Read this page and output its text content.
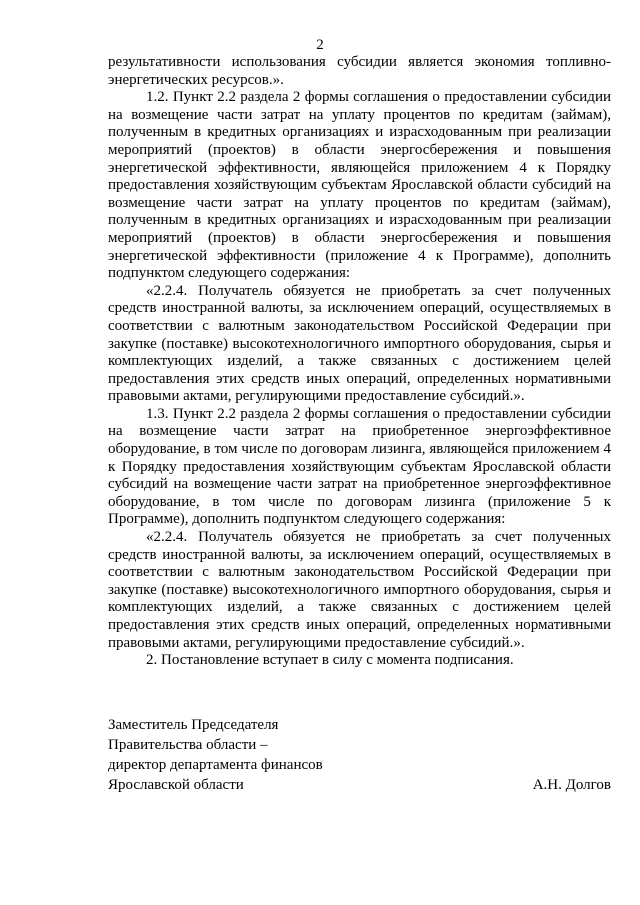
2

результативности использования субсидии является экономия топливно-энергетических ресурсов.».

1.2. Пункт 2.2 раздела 2 формы соглашения о предоставлении субсидии на возмещение части затрат на уплату процентов по кредитам (займам), полученным в кредитных организациях и израсходованным при реализации мероприятий (проектов) в области энергосбережения и повышения энергетической эффективности, являющейся приложением 4 к Порядку предоставления хозяйствующим субъектам Ярославской области субсидий на возмещение части затрат на уплату процентов по кредитам (займам), полученным в кредитных организациях и израсходованным при реализации мероприятий (проектов) в области энергосбережения и повышения энергетической эффективности (приложение 4 к Программе), дополнить подпунктом следующего содержания:

«2.2.4. Получатель обязуется не приобретать за счет полученных средств иностранной валюты, за исключением операций, осуществляемых в соответствии с валютным законодательством Российской Федерации при закупке (поставке) высокотехнологичного импортного оборудования, сырья и комплектующих изделий, а также связанных с достижением целей предоставления этих средств иных операций, определенных нормативными правовыми актами, регулирующими предоставление субсидий.».

1.3. Пункт 2.2 раздела 2 формы соглашения о предоставлении субсидии на возмещение части затрат на приобретенное энергоэффективное оборудование, в том числе по договорам лизинга, являющейся приложением 4 к Порядку предоставления хозяйствующим субъектам Ярославской области субсидий на возмещение части затрат на приобретенное энергоэффективное оборудование, в том числе по договорам лизинга (приложение 5 к Программе), дополнить подпунктом следующего содержания:

«2.2.4. Получатель обязуется не приобретать за счет полученных средств иностранной валюты, за исключением операций, осуществляемых в соответствии с валютным законодательством Российской Федерации при закупке (поставке) высокотехнологичного импортного оборудования, сырья и комплектующих изделий, а также связанных с достижением целей предоставления этих средств иных операций, определенных нормативными правовыми актами, регулирующими предоставление субсидий.».

2. Постановление вступает в силу с момента подписания.

Заместитель Председателя
Правительства области –
директор департамента финансов
Ярославской области	А.Н. Долгов
